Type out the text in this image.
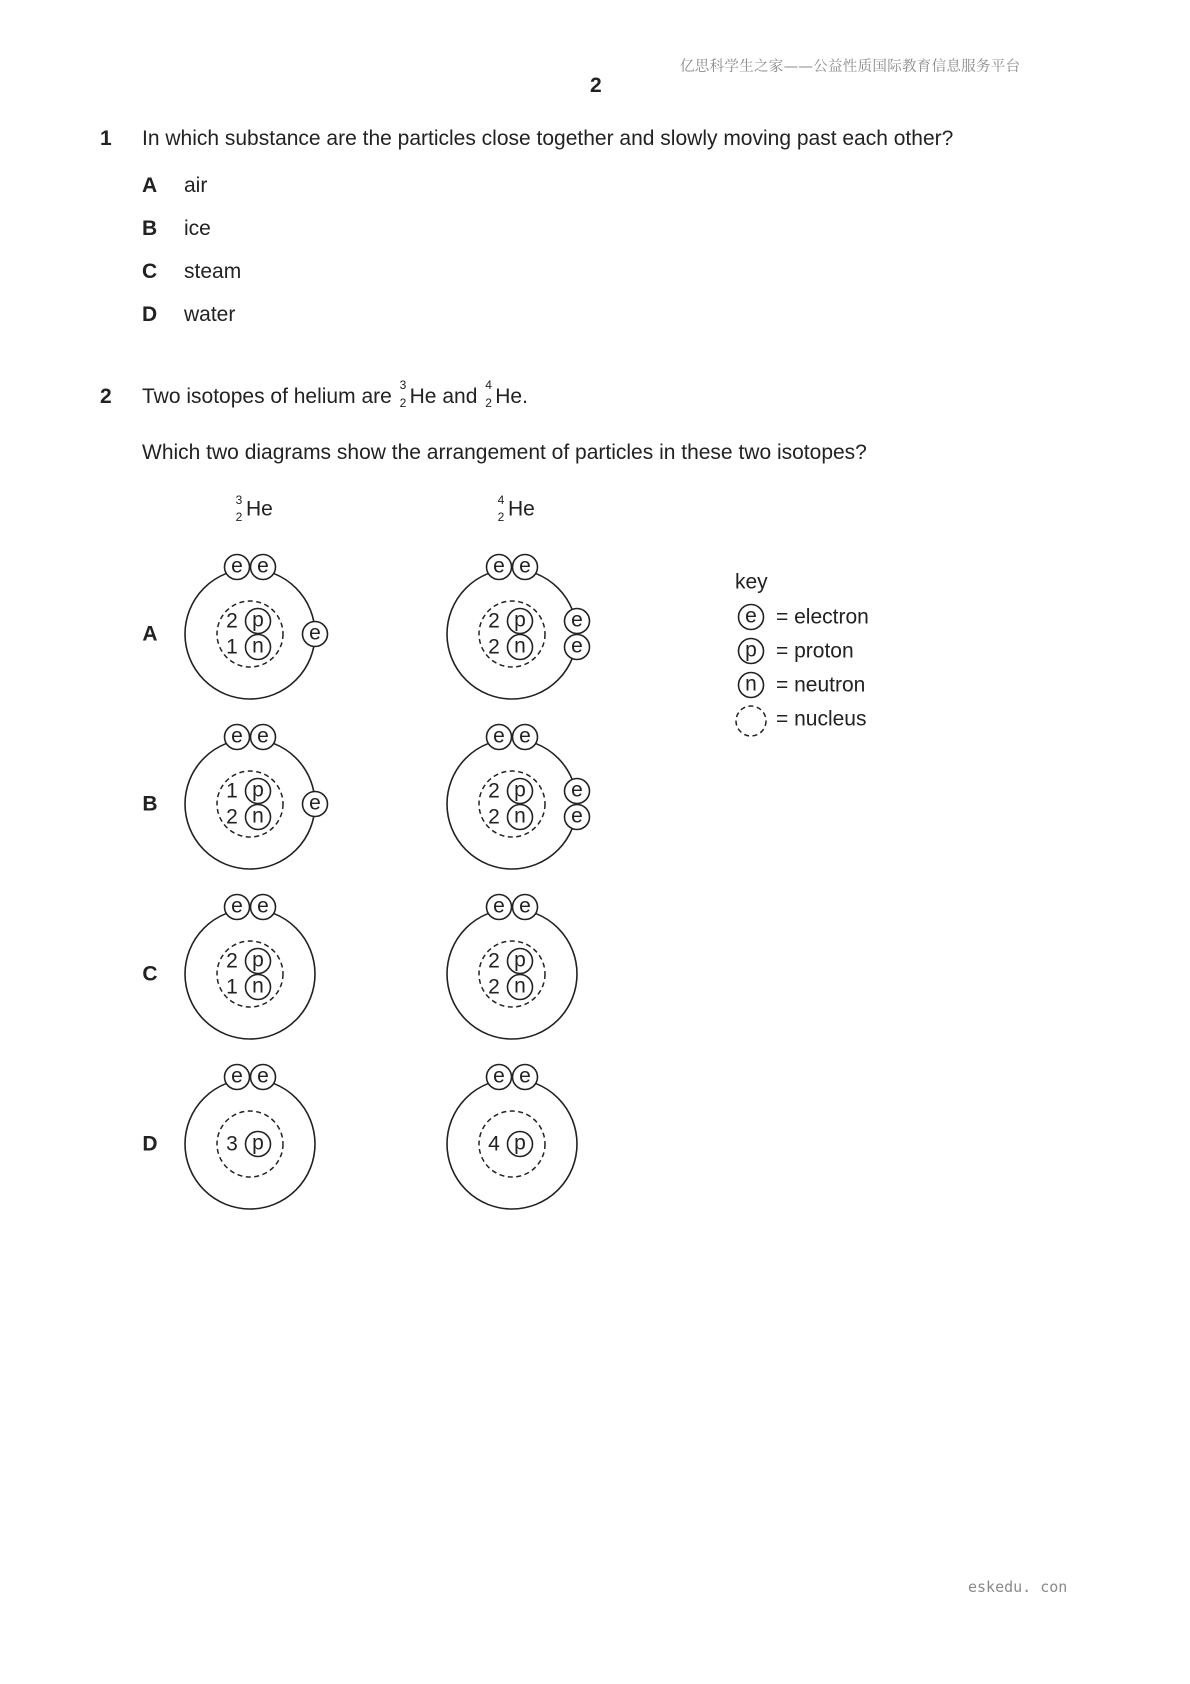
亿思科学生之家——公益性质国际教育信息服务平台
2
1 In which substance are the particles close together and slowly moving past each other?
A air
B ice
C steam
D water
2 Two isotopes of helium are 3
2 He and 4
2 He.
Which two diagrams show the arrangement of particles in these two isotopes?
3
2 He	4
2 He
A
e e
e
2 p
1 n
e e
e
e
2 p
2 n
B
e e
e
1 p
2 n
e e
e
e
2 p
2 n
C
e e
2 p
1 n
e e
2 p
2 n
D
e e
3 p
e e
4 p
key
e = electron
p = proton
n = neutron
= nucleus
eskedu. con
